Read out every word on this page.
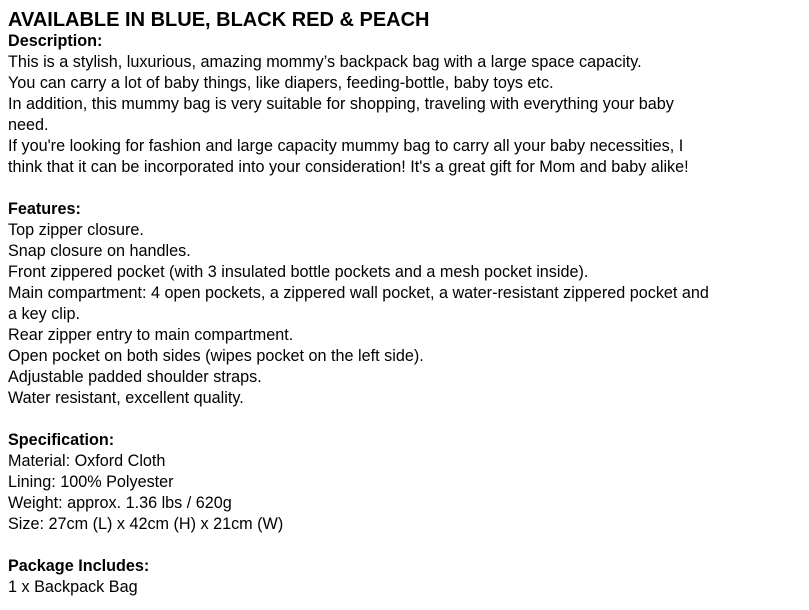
AVAILABLE IN BLUE, BLACK RED & PEACH

Description:

This is a stylish, luxurious, amazing mommy’s backpack bag with a large space capacity.

You can carry a lot of baby things, like diapers, feeding-bottle, baby toys etc.

In addition, this mummy bag is very suitable for shopping, traveling with everything your baby

need.

If you're looking for fashion and large capacity mummy bag to carry all your baby necessities, I

think that it can be incorporated into your consideration! It's a great gift for Mom and baby alike!

Features:

Top zipper closure.

Snap closure on handles.

Front zippered pocket (with 3 insulated bottle pockets and a mesh pocket inside).

Main compartment: 4 open pockets, a zippered wall pocket, a water-resistant zippered pocket and

a key clip.

Rear zipper entry to main compartment.

Open pocket on both sides (wipes pocket on the left side).

Adjustable padded shoulder straps.

Water resistant, excellent quality.

Specification:

Material: Oxford Cloth

Lining: 100% Polyester

Weight: approx. 1.36 lbs / 620g

Size: 27cm (L) x 42cm (H) x 21cm (W)

Package Includes:

1 x Backpack Bag
